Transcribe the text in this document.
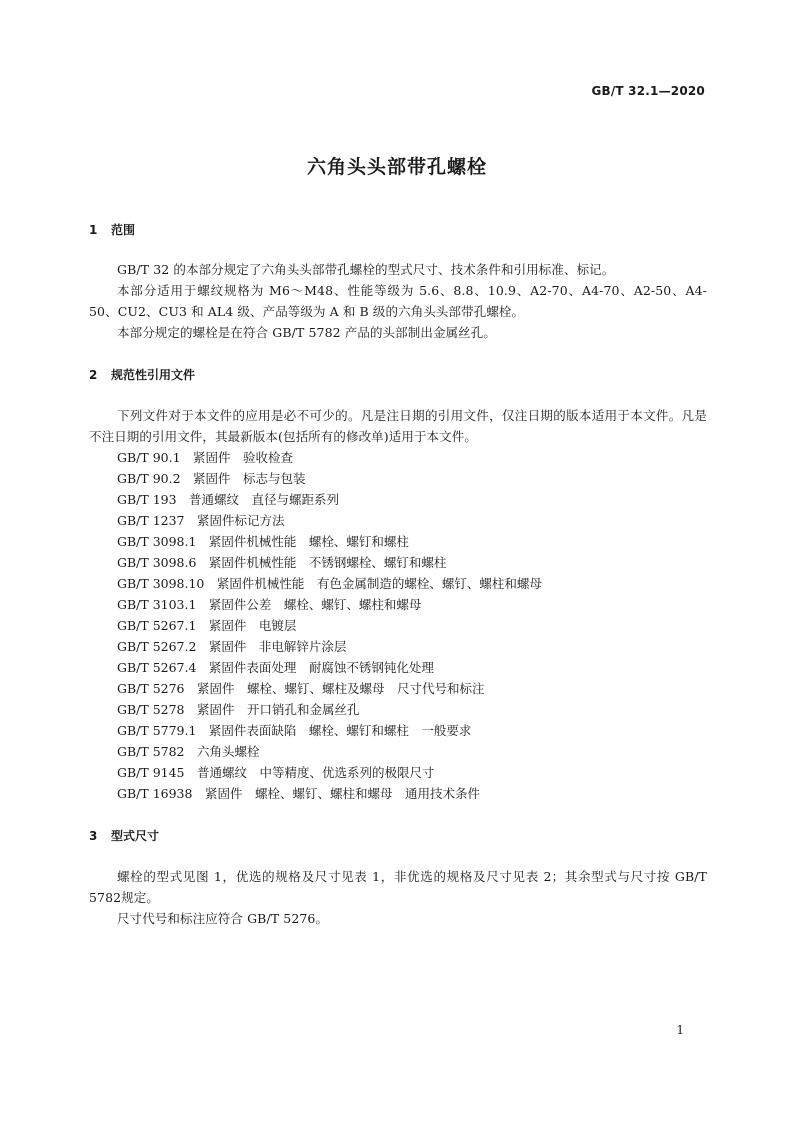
GB/T 32.1—2020
六角头头部带孔螺栓
1 范围
GB/T 32 的本部分规定了六角头头部带孔螺栓的型式尺寸、技术条件和引用标准、标记。
本部分适用于螺纹规格为 M6～M48、性能等级为 5.6、8.8、10.9、A2-70、A4-70、A2-50、A4-50、CU2、CU3 和 AL4 级、产品等级为 A 和 B 级的六角头头部带孔螺栓。
本部分规定的螺栓是在符合 GB/T 5782 产品的头部制出金属丝孔。
2 规范性引用文件
下列文件对于本文件的应用是必不可少的。凡是注日期的引用文件，仅注日期的版本适用于本文件。凡是不注日期的引用文件，其最新版本(包括所有的修改单)适用于本文件。
GB/T 90.1　紧固件　验收检查
GB/T 90.2　紧固件　标志与包装
GB/T 193　普通螺纹　直径与螺距系列
GB/T 1237　紧固件标记方法
GB/T 3098.1　紧固件机械性能　螺栓、螺钉和螺柱
GB/T 3098.6　紧固件机械性能　不锈钢螺栓、螺钉和螺柱
GB/T 3098.10　紧固件机械性能　有色金属制造的螺栓、螺钉、螺柱和螺母
GB/T 3103.1　紧固件公差　螺栓、螺钉、螺柱和螺母
GB/T 5267.1　紧固件　电镀层
GB/T 5267.2　紧固件　非电解锌片涂层
GB/T 5267.4　紧固件表面处理　耐腐蚀不锈钢钝化处理
GB/T 5276　紧固件　螺栓、螺钉、螺柱及螺母　尺寸代号和标注
GB/T 5278　紧固件　开口销孔和金属丝孔
GB/T 5779.1　紧固件表面缺陷　螺栓、螺钉和螺柱　一般要求
GB/T 5782　六角头螺栓
GB/T 9145　普通螺纹　中等精度、优选系列的极限尺寸
GB/T 16938　紧固件　螺栓、螺钉、螺柱和螺母　通用技术条件
3 型式尺寸
螺栓的型式见图 1，优选的规格及尺寸见表 1，非优选的规格及尺寸见表 2；其余型式与尺寸按 GB/T 5782规定。
尺寸代号和标注应符合 GB/T 5276。
1
